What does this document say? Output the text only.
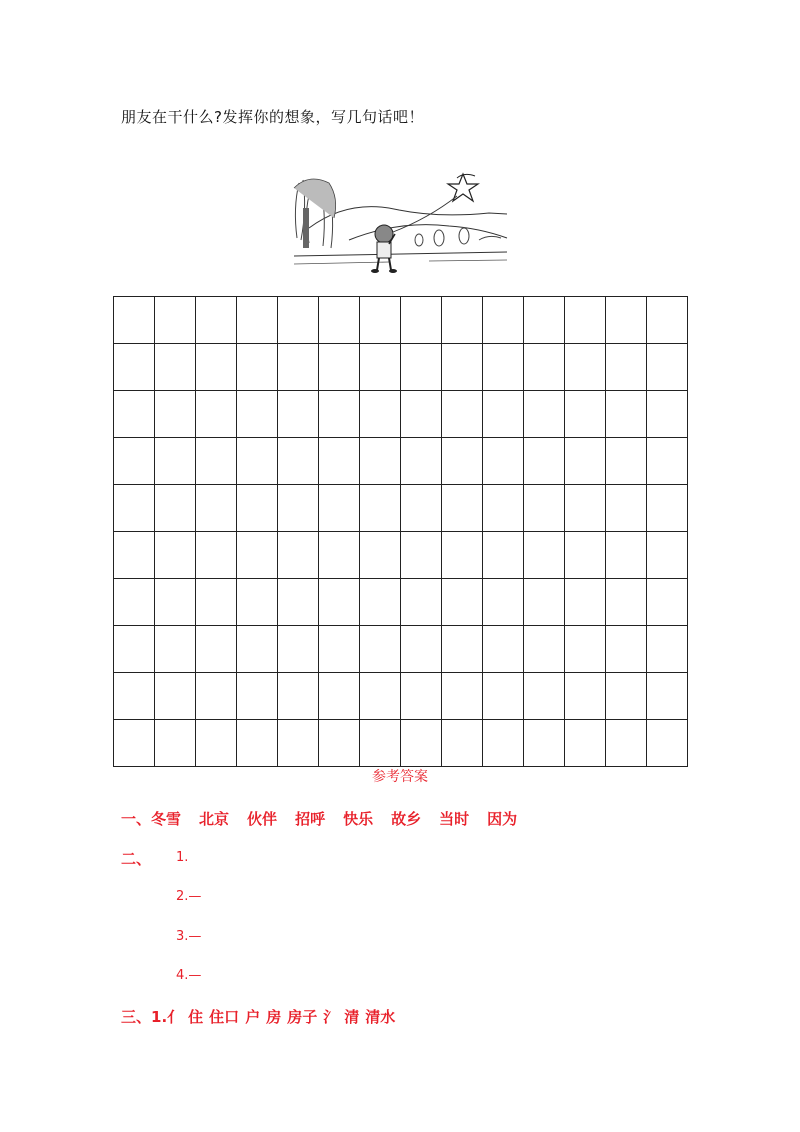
朋友在干什么?发挥你的想象，写几句话吧！
参考答案
一、冬雪 北京 伙伴 招呼 快乐 故乡 当时 因为
二、 1.
2.—
3.—
4.—
三、1.亻 住 住口 户 房 房子 氵 清 清水
